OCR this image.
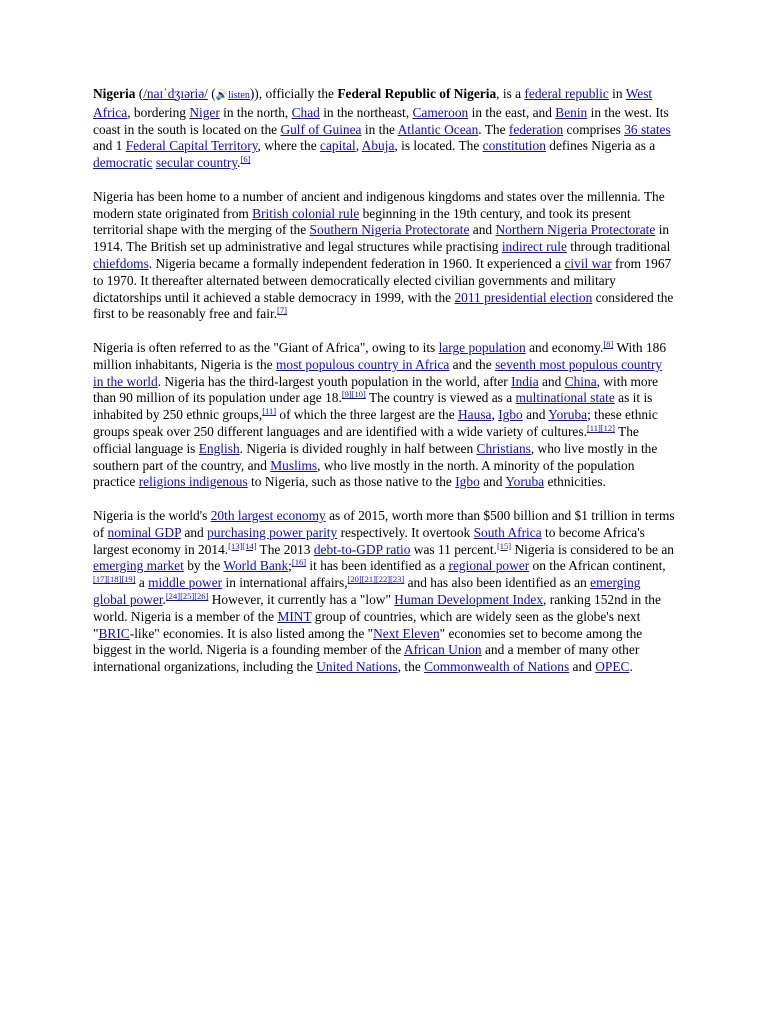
Nigeria (/naɪˈdʒɪəriə/ (🔊listen)), officially the Federal Republic of Nigeria, is a federal republic in West Africa, bordering Niger in the north, Chad in the northeast, Cameroon in the east, and Benin in the west. Its coast in the south is located on the Gulf of Guinea in the Atlantic Ocean. The federation comprises 36 states and 1 Federal Capital Territory, where the capital, Abuja, is located. The constitution defines Nigeria as a democratic secular country.[6]

Nigeria has been home to a number of ancient and indigenous kingdoms and states over the millennia. The modern state originated from British colonial rule beginning in the 19th century, and took its present territorial shape with the merging of the Southern Nigeria Protectorate and Northern Nigeria Protectorate in 1914. The British set up administrative and legal structures while practising indirect rule through traditional chiefdoms. Nigeria became a formally independent federation in 1960. It experienced a civil war from 1967 to 1970. It thereafter alternated between democratically elected civilian governments and military dictatorships until it achieved a stable democracy in 1999, with the 2011 presidential election considered the first to be reasonably free and fair.[7]

Nigeria is often referred to as the "Giant of Africa", owing to its large population and economy.[8] With 186 million inhabitants, Nigeria is the most populous country in Africa and the seventh most populous country in the world. Nigeria has the third-largest youth population in the world, after India and China, with more than 90 million of its population under age 18.[9][10] The country is viewed as a multinational state as it is inhabited by 250 ethnic groups,[11] of which the three largest are the Hausa, Igbo and Yoruba; these ethnic groups speak over 250 different languages and are identified with a wide variety of cultures.[11][12] The official language is English. Nigeria is divided roughly in half between Christians, who live mostly in the southern part of the country, and Muslims, who live mostly in the north. A minority of the population practice religions indigenous to Nigeria, such as those native to the Igbo and Yoruba ethnicities.

Nigeria is the world's 20th largest economy as of 2015, worth more than $500 billion and $1 trillion in terms of nominal GDP and purchasing power parity respectively. It overtook South Africa to become Africa's largest economy in 2014.[13][14] The 2013 debt-to-GDP ratio was 11 percent.[15] Nigeria is considered to be an emerging market by the World Bank;[16] it has been identified as a regional power on the African continent,[17][18][19] a middle power in international affairs,[20][21][22][23] and has also been identified as an emerging global power.[24][25][26] However, it currently has a "low" Human Development Index, ranking 152nd in the world. Nigeria is a member of the MINT group of countries, which are widely seen as the globe's next "BRIC-like" economies. It is also listed among the "Next Eleven" economies set to become among the biggest in the world. Nigeria is a founding member of the African Union and a member of many other international organizations, including the United Nations, the Commonwealth of Nations and OPEC.
